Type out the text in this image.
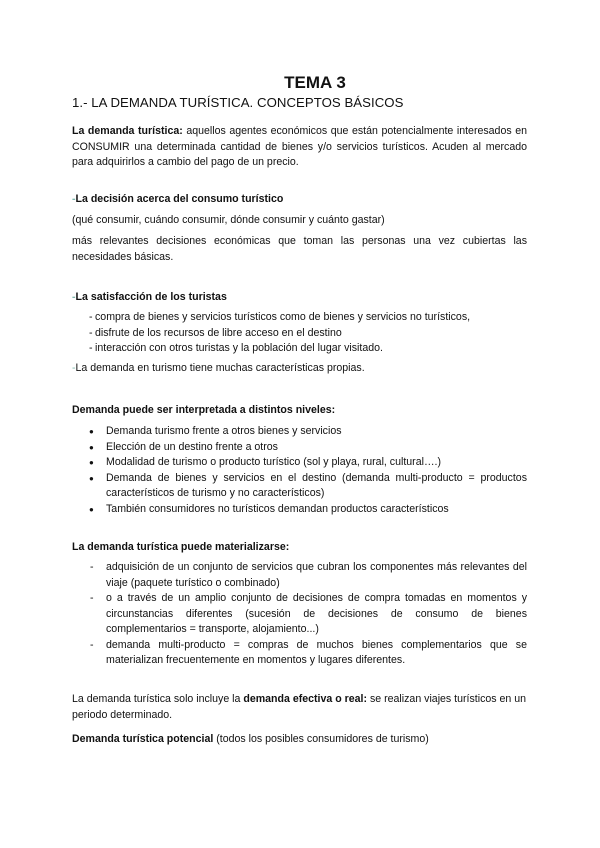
TEMA 3
1.- LA DEMANDA TURÍSTICA. CONCEPTOS BÁSICOS
La demanda turística: aquellos agentes económicos que están potencialmente interesados en CONSUMIR una determinada cantidad de bienes y/o servicios turísticos. Acuden al mercado para adquirirlos a cambio del pago de un precio.
-La decisión acerca del consumo turístico
(qué consumir, cuándo consumir, dónde consumir y cuánto gastar)
más relevantes decisiones económicas que toman las personas una vez cubiertas las necesidades básicas.
-La satisfacción de los turistas
- compra de bienes y servicios turísticos como de bienes y servicios no turísticos,
- disfrute de los recursos de libre acceso en el destino
- interacción con otros turistas y la población del lugar visitado.
-La demanda en turismo tiene muchas características propias.
Demanda puede ser interpretada a distintos niveles:
● Demanda turismo frente a otros bienes y servicios
● Elección de un destino frente a otros
● Modalidad de turismo o producto turístico (sol y playa, rural, cultural….)
● Demanda de bienes y servicios en el destino (demanda multi-producto = productos característicos de turismo y no característicos)
● También consumidores no turísticos demandan productos característicos
La demanda turística puede materializarse:
- adquisición de un conjunto de servicios que cubran los componentes más relevantes del viaje (paquete turístico o combinado)
- o a través de un amplio conjunto de decisiones de compra tomadas en momentos y circunstancias diferentes (sucesión de decisiones de consumo de bienes complementarios = transporte, alojamiento...)
- demanda multi-producto = compras de muchos bienes complementarios que se materializan frecuentemente en momentos y lugares diferentes.
La demanda turística solo incluye la demanda efectiva o real: se realizan viajes turísticos en un periodo determinado.
Demanda turística potencial (todos los posibles consumidores de turismo)
